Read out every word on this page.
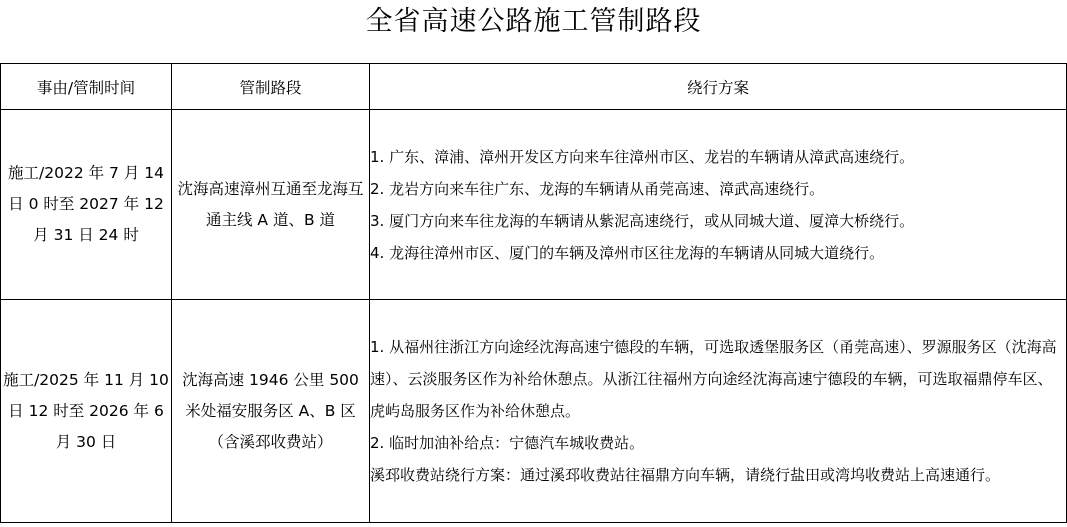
全省高速公路施工管制路段
事由/管制时间	管制路段	绕行方案
施工/2022 年 7 月 14 日 0 时至 2027 年 12 月 31 日 24 时	沈海高速漳州互通至龙海互通主线 A 道、B 道	1. 广东、漳浦、漳州开发区方向来车往漳州市区、龙岩的车辆请从漳武高速绕行。
2. 龙岩方向来车往广东、龙海的车辆请从甬莞高速、漳武高速绕行。
3. 厦门方向来车往龙海的车辆请从紫泥高速绕行，或从同城大道、厦漳大桥绕行。
4. 龙海往漳州市区、厦门的车辆及漳州市区往龙海的车辆请从同城大道绕行。

施工/2025 年 11 月 10 日 12 时至 2026 年 6 月 30 日	沈海高速 1946 公里 500 米处福安服务区 A、B 区（含溪邳收费站）	1. 从福州往浙江方向途经沈海高速宁德段的车辆，可选取透堡服务区（甬莞高速）、罗源服务区（沈海高速）、云淡服务区作为补给休憩点。从浙江往福州方向途经沈海高速宁德段的车辆，可选取福鼎停车区、虎屿岛服务区作为补给休憩点。
2. 临时加油补给点：宁德汽车城收费站。
溪邳收费站绕行方案：通过溪邳收费站往福鼎方向车辆，请绕行盐田或湾坞收费站上高速通行。
